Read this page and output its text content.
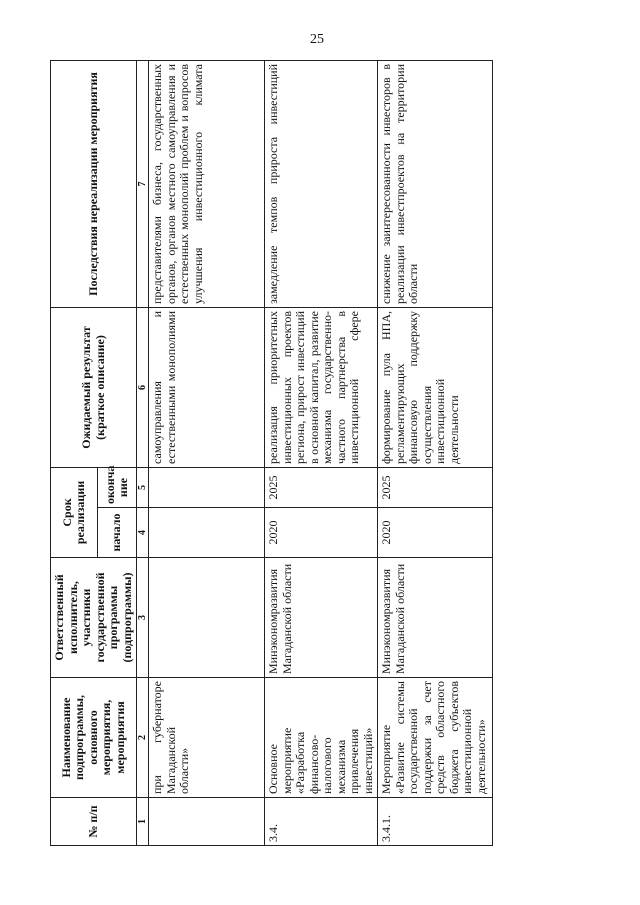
25
№ п/п	Наименование подпрограммы, основного мероприятия, мероприятия	Ответственный исполнитель, участники государственной программы (подпрограммы)	Срок реализации		Ожидаемый результат (краткое описание)	Последствия нереализации мероприятия
			начало	оконча ние		
1	2	3	4	5	6	7
	при губернаторе Магаданской области»				самоуправления и естественными монополиями	представителями бизнеса, государственных органов, органов местного самоуправления и естественных монополий проблем и вопросов улучшения инвестиционного климата
3.4.	Основное мероприятие «Разработка финансово-налогового механизма привлечения инвестиций»	Минэкономразвития Магаданской области	2020	2025	реализация приоритетных инвестиционных проектов региона, прирост инвестиций в основной капитал, развитие механизма государственно-частного партнерства в инвестиционной сфере	замедление темпов прироста инвестиций
3.4.1.	Мероприятие «Развитие системы государственной поддержки за счет средств областного бюджета субъектов инвестиционной деятельности»	Минэкономразвития Магаданской области	2020	2025	формирование пула НПА, регламентирующих финансовую поддержку осуществления инвестиционной деятельности	снижение заинтересованности инвесторов в реализации инвестпроектов на территории области
